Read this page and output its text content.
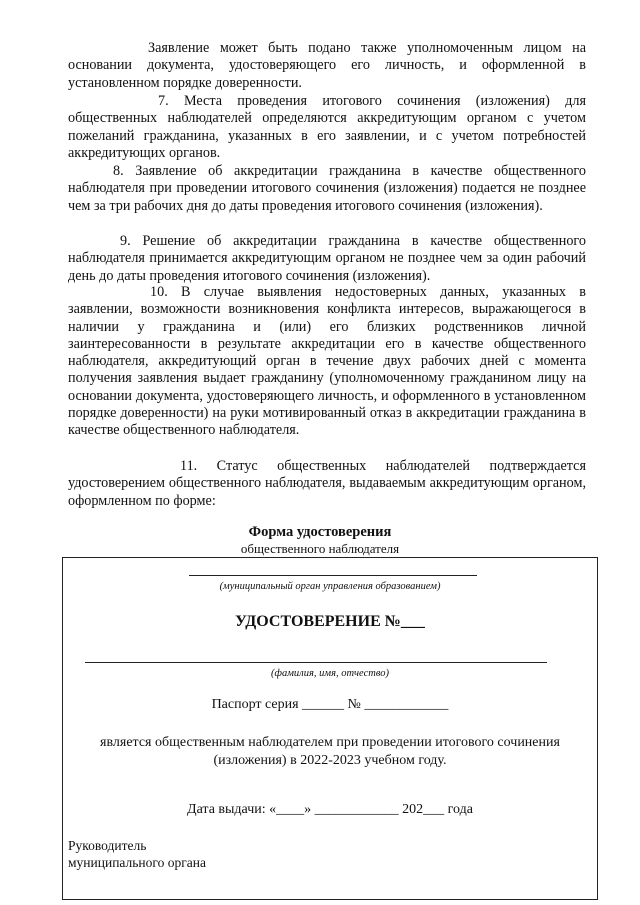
Заявление может быть подано также уполномоченным лицом на основании документа, удостоверяющего его личность, и оформленной в установленном порядке доверенности.

7. Места проведения итогового сочинения (изложения) для общественных наблюдателей определяются аккредитующим органом с учетом пожеланий гражданина, указанных в его заявлении, и с учетом потребностей аккредитующих органов.

8. Заявление об аккредитации гражданина в качестве общественного наблюдателя при проведении итогового сочинения (изложения) подается не позднее чем за три рабочих дня до даты проведения итогового сочинения (изложения).

9. Решение об аккредитации гражданина в качестве общественного наблюдателя принимается аккредитующим органом не позднее чем за один рабочий день до даты проведения итогового сочинения (изложения).

10. В случае выявления недостоверных данных, указанных в заявлении, возможности возникновения конфликта интересов, выражающегося в наличии у гражданина и (или) его близких родственников личной заинтересованности в результате аккредитации его в качестве общественного наблюдателя, аккредитующий орган в течение двух рабочих дней с момента получения заявления выдает гражданину (уполномоченному гражданином лицу на основании документа, удостоверяющего личность, и оформленного в установленном порядке доверенности) на руки мотивированный отказ в аккредитации гражданина в качестве общественного наблюдателя.

11. Статус общественных наблюдателей подтверждается удостоверением общественного наблюдателя, выдаваемым аккредитующим органом, оформленном по форме:

Форма удостоверения
общественного наблюдателя
(муниципальный орган управления образованием)
УДОСТОВЕРЕНИЕ №___
(фамилия, имя, отчество)
Паспорт серия ______ № ____________
является общественным наблюдателем при проведении итогового сочинения (изложения) в 2022-2023 учебном году.
Дата выдачи: «____» ____________ 202___ года
Руководитель
муниципального органа
